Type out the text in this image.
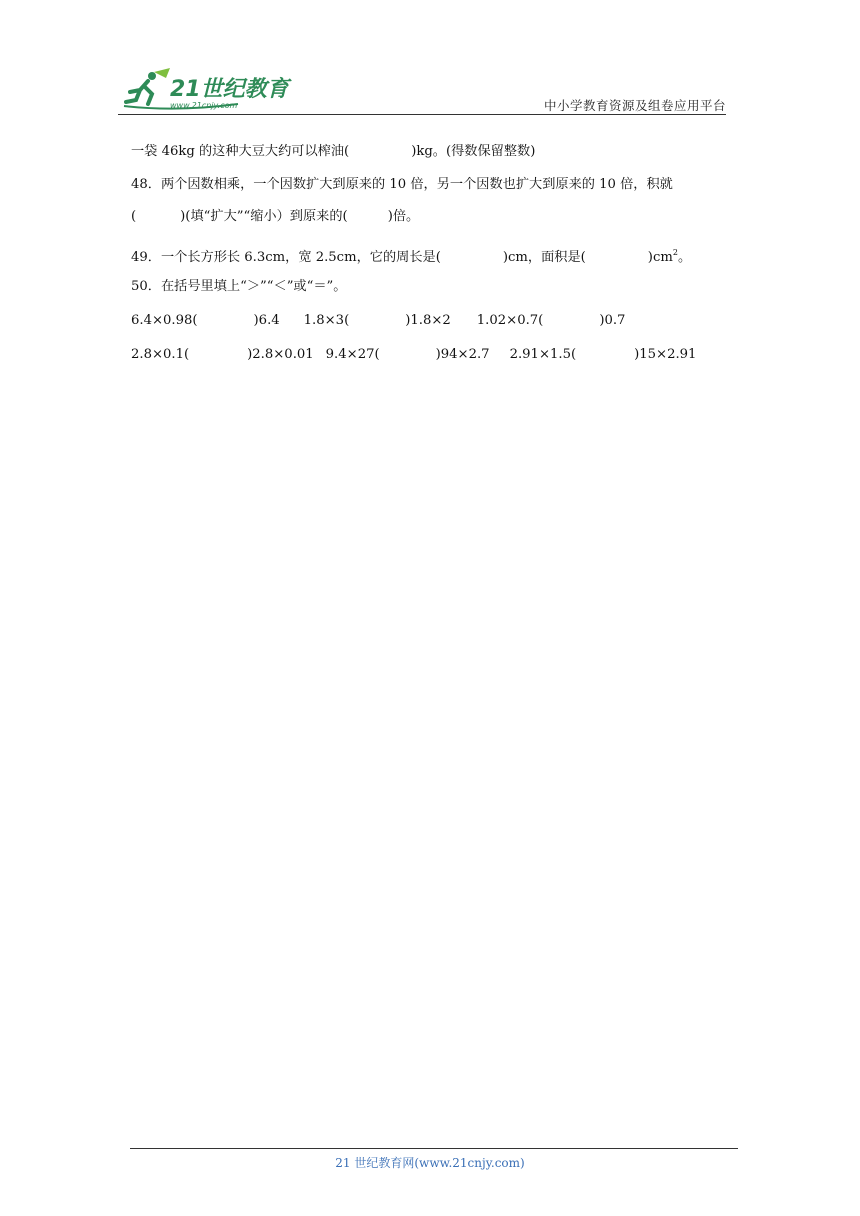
21世纪教育
www.21cnjy.com	中小学教育资源及组卷应用平台
一袋 46kg 的这种大豆大约可以榨油(	)kg。(得数保留整数)
48．两个因数相乘，一个因数扩大到原来的 10 倍，另一个因数也扩大到原来的 10 倍，积就
(	)(填“扩大”“缩小）到原来的(	)倍。
49．一个长方形长 6.3cm，宽 2.5cm，它的周长是(	)cm，面积是(	)$cm^2$。
50．在括号里填上“＞”“＜”或“＝”。
6.4×0.98(	)6.4 1.8×3(	)1.8×2 1.02×0.7(	)0.7
2.8×0.1(	)2.8×0.01 9.4×27(	)94×2.7 2.91×1.5(	)15×2.91
21 世纪教育网(www.21cnjy.com)
